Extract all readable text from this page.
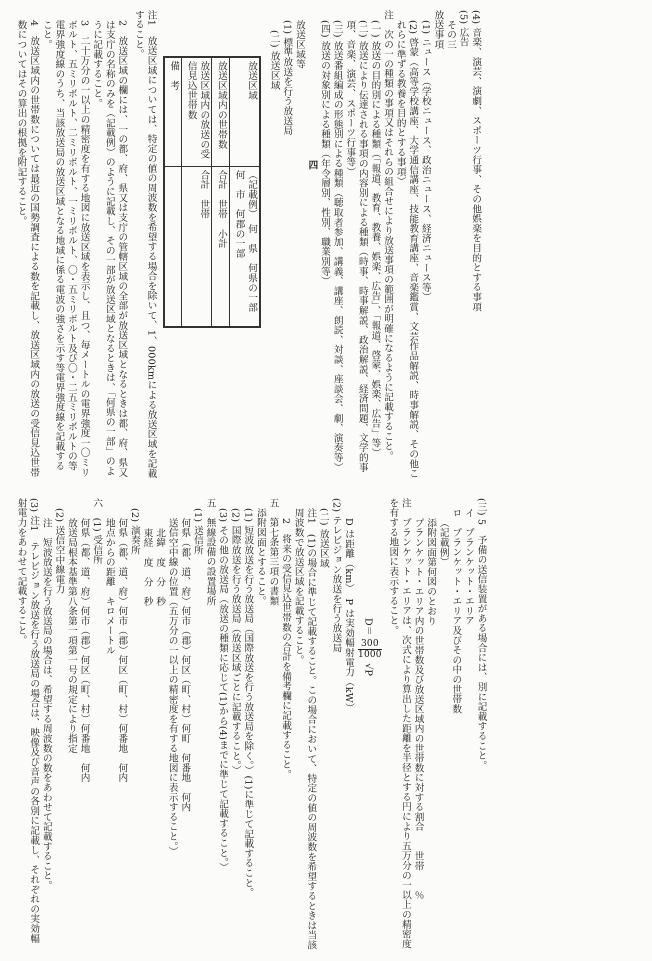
(4) 音楽、演芸、演劇、スポーツ行事、その他娯楽を目的とする事項

(5) 広告

その三

放送事項

(1) ニュース（学校ニュース、政治ニュース、経済ニュース等）

(2) 啓蒙（高等学校講座、大学通信講座、技能教育講座、音楽鑑賞、文芸作品解説、時事解説、その他これらに準ずる教養を目的とする事項）

注　次の一の種類の事項又はそれらの組合せにより放送事項の範囲が明確になるように記載すること。

(一) 放送の目的別による種類（「報道、教育、教養、娯楽、広告」、「報道、啓蒙、娯楽、広告」等）

(二) 放送により伝達される事項の内容別による種類（時事、時事解説、政治解説、経済問題、文学的事項、音楽、演芸、スポーツ行事等）

(三) 放送番組編成の形態別による種類（聴取者参加、講義、講座、朗読、対談、座談会、劇、演奏等）

(四) 放送の対象別による種類（年令層別、性別、職業別等）

四

放送区域等

(1) 標準放送を行う放送局

(二) 放送区域

放送区域	（記載例）　何　県　何県の一部　何　市　何郡の一部
放送区域内の世帯数	合計　世帯　小計
放送区域内の放送の受信見込世帯数	合計　世帯
備　考	

注1　放送区域については、特定の値の周波数を希望する場合を除いて、1、000kmによる放送区域を記載すること。

2　放送区域の欄には、一の都、府、県又は支庁の管轄区域の全部が放送区域となるときは都、府、県又は支庁の名称のみを（記載例）のように記載し、その一部が放送区域となるときは、「何県の一部」のように記載すること。

3　二十万分の一以上の精密度を有する地図に放送区域を表示し、且つ、毎メートルの電界強度一〇ミリボルト、五ミリボルト、二ミリボルト、一ミリボルト、〇・五ミリボルト及び〇・二五ミリボルトの等電界強度線のうち、当該放送局の放送区域となる地域に係る電波の強さを示す等電界強度線を記載すること。

4　放送区域内の世帯数については最近の国勢調査による数を記載し、放送区域内の放送の受信見込世帯数についてはその算出の根拠を附記すること。

(三) 5　予備の送信装置がある場合には、別に記載すること。

イ　プランケット・エリア

ロ　プランケット・エリア及びその中の世帯数

（記載例）

添附図面第何図のとおり

プランケット・エリア内の世帯数及び放送区域内の世帯数に対する割合　　世帯　　％

注　プランケット・エリアは、次式により算出した距離を半径とする円により五万分の一以上の精密度を有する地図に表示すること。

D＝
$\frac{300}{1000} √P$

D は距離（km）　P は実効輻射電力（kW）

(2) テレビジョン放送を行う放送局

(二) 放送区域

注1　(1)の場合に準じて記載すること。この場合において、特定の値の周波数を希望するときは当該周波数で放送区域を記載すること。

2　将来の受信見込世帯数の合計を備考欄に記載すること。

五　第七条第三項の書類

添附図面とすること。

(1) 短波放送を行う放送局（国際放送を行う放送局を除く。）(1)に準じて記載すること。

(2) 国際放送を行う放送局（放送区域ごとに記載すること。）

(3) その他の放送局（放送の種類に応じて(1)から(4)までに準じて記載すること。）

五　無線設備の設置場所

(1) 送信所

何県（都、道、府）何市（郡）何区（町、村）何町　何番地　何内

送信空中線の位置（五万分の一以上の精密度を有する地図に表示すること。）

北緯　度　分　秒

東経　度　分　秒

(2) 演奏所

何県（都、道、府）何市（郡）何区（町、村）何番地　何内

地点からの距離　キロメートル

六　(1) 受信所

何県（都、道、府）何市（郡）何区（町、村）何番地　何内

放送局根本基準第八条第一項第一号の規定により指定

(2) 送信空中線電力

注　短波放送を行う放送局の場合は、希望する周波数の数をあわせて記載すること。

(3) 注1　テレビジョン放送を行う放送局の場合は、映像及び音声の各別に記載し、それぞれの実効輻射電力をあわせて記載すること。
